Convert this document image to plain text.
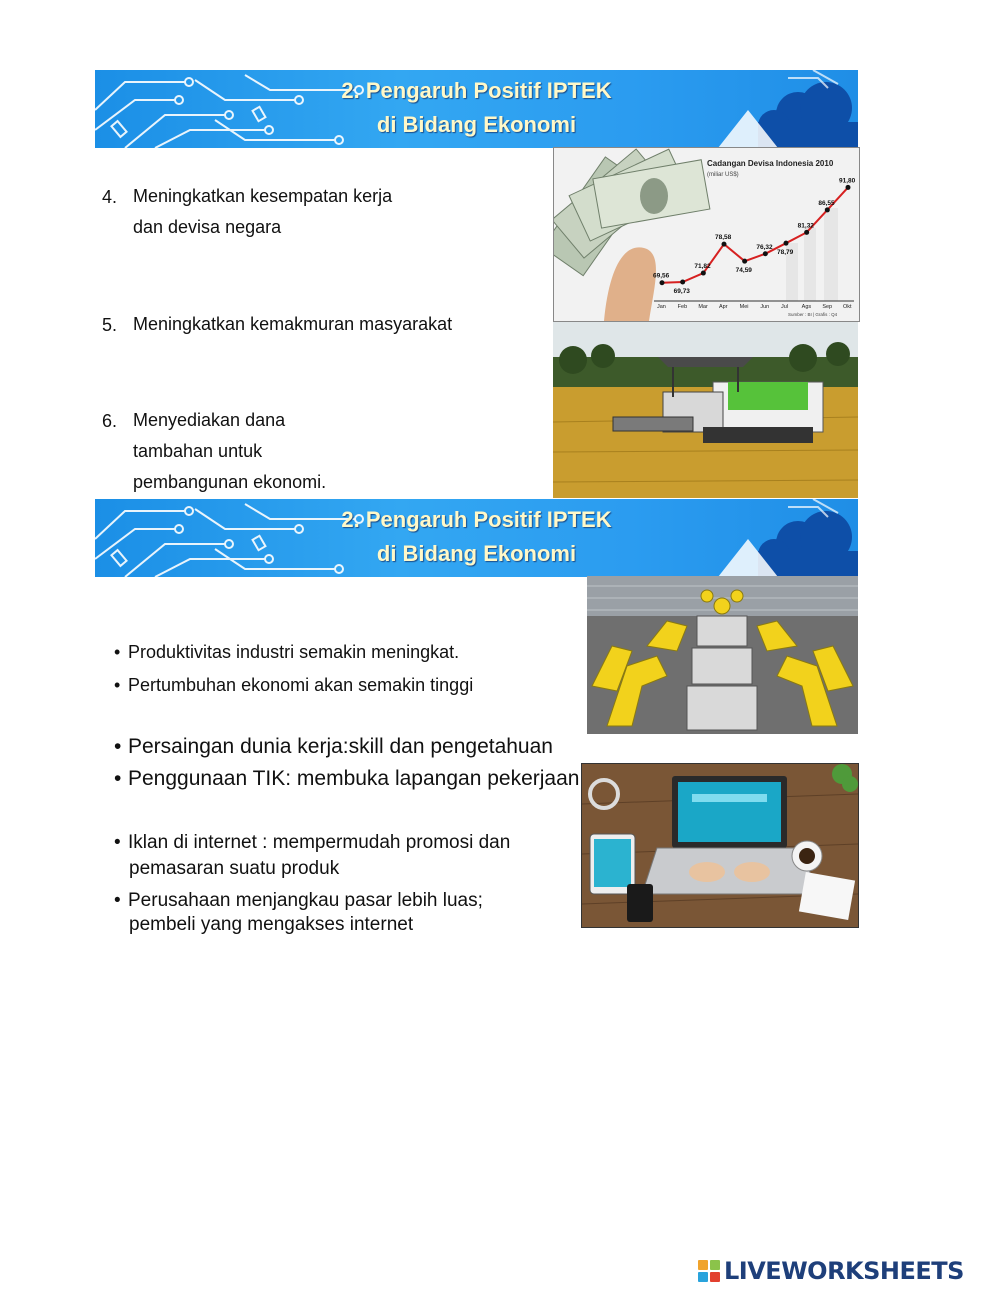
2. Pengaruh Positif IPTEK
di Bidang Ekonomi
4. Meningkatkan kesempatan kerja
dan devisa negara
5. Meningkatkan kemakmuran masyarakat
6. Menyediakan dana
tambahan untuk
pembangunan ekonomi.
Cadangan Devisa Indonesia 2010
(miliar US$)
69,56
Jan
69,73
Feb
71,82
Mar
78,58
Apr
74,59
Mei
76,32
Jun
78,79
Jul
81,32
Ags
86,55
Sep
91,80
Okt
Sumber : BI | Grafis : Q4
2. Pengaruh Positif IPTEK
di Bidang Ekonomi
• Produktivitas industri semakin meningkat.
• Pertumbuhan ekonomi akan semakin tinggi
• Persaingan dunia kerja:skill dan pengetahuan
• Penggunaan TIK: membuka lapangan pekerjaan
• Iklan di internet : mempermudah promosi dan
pemasaran suatu produk
• Perusahaan menjangkau pasar lebih luas;
pembeli yang mengakses internet
LIVEWORKSHEETS
